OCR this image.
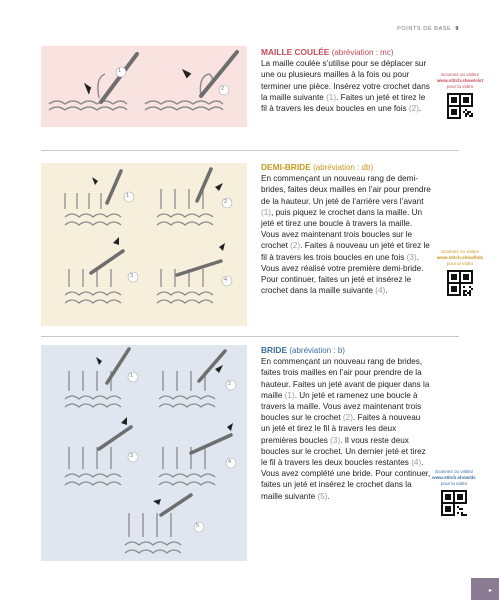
POINTS DE BASE 9
1
2
1
2
3
4
1
2
3
4
5
MAILLE COULÉE (abréviation : mc)
La maille coulée s’utilise pour se déplacer sur une ou plusieurs mailles à la fois ou pour terminer une pièce. Insérez votre crochet dans la maille suivante (1). Faites un jeté et tirez le fil à travers les deux boucles en une fois (2).
DEMI-BRIDE (abréviation : db)
En commençant un nouveau rang de demi-brides, faites deux mailles en l’air pour prendre de la hauteur. Un jeté de l’arrière vers l’avant (1), puis piquez le crochet dans la maille. Un jeté et tirez une boucle à travers la maille. Vous avez maintenant trois boucles sur le crochet (2). Faites à nouveau un jeté et tirez le fil à travers les trois boucles en une fois (3). Vous avez réalisé votre première demi-bride. Pour continuer, faites un jeté et insérez le crochet dans la maille suivante (4).
BRIDE (abréviation : b)
En commençant un nouveau rang de brides, faites trois mailles en l’air pour prendre de la hauteur. Faites un jeté avant de piquer dans la maille (1). Un jeté et ramenez une boucle à travers la maille. Vous avez maintenant trois boucles sur le crochet (2). Faites à nouveau un jeté et tirez le fil à travers les deux premières boucles (3). Il vous reste deux boucles sur le crochet. Un dernier jeté et tirez le fil à travers les deux boucles restantes (4). Vous avez complété une bride. Pour continuer, faites un jeté et insérez le crochet dans la maille suivante (5).
Scannez ou visitez
www.stitch.show/slst
pour la vidéo
Scannez ou visitez
www.stitch.show/hdc
pour la vidéo
Scannez ou visitez
www.stitch.show/dc
pour la vidéo
▸
